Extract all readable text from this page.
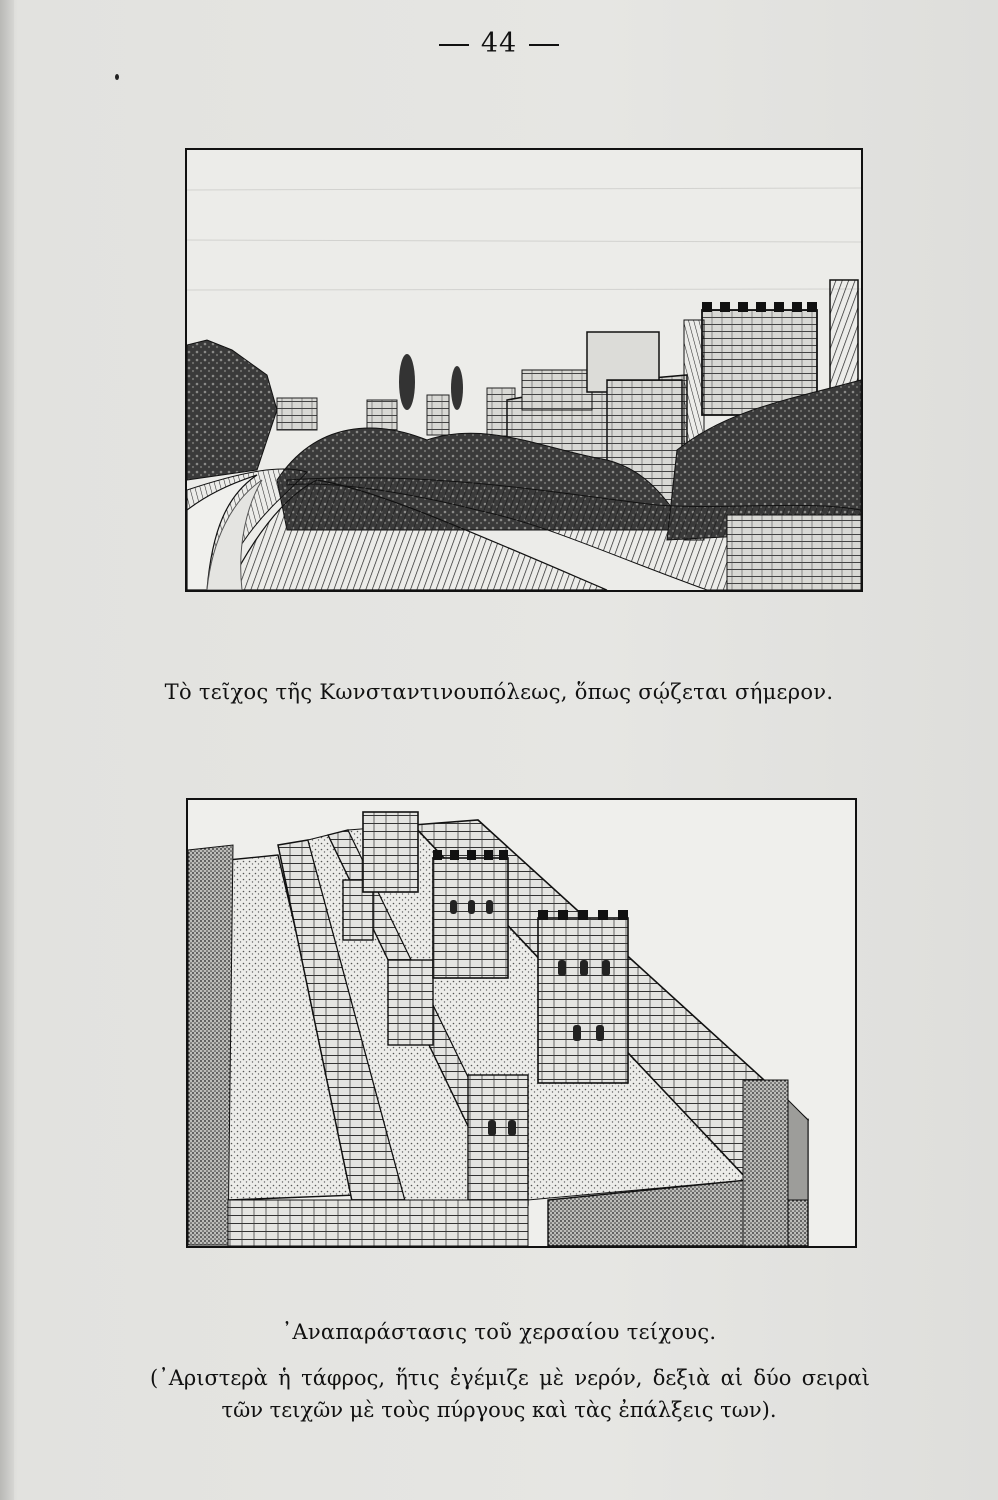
44
Τὸ τεῖχος τῆς Κωνσταντινουπόλεως, ὅπως σῴζεται σήμερον.
᾿Αναπαράστασις τοῦ χερσαίου τείχους.
(᾿Αριστερὰ ἡ τάφρος, ἥτις ἐγέμιζε μὲ νερόν, δεξιὰ αἱ δύο σειραὶ
τῶν τειχῶν μὲ τοὺς πύργους καὶ τὰς ἐπάλξεις των).
